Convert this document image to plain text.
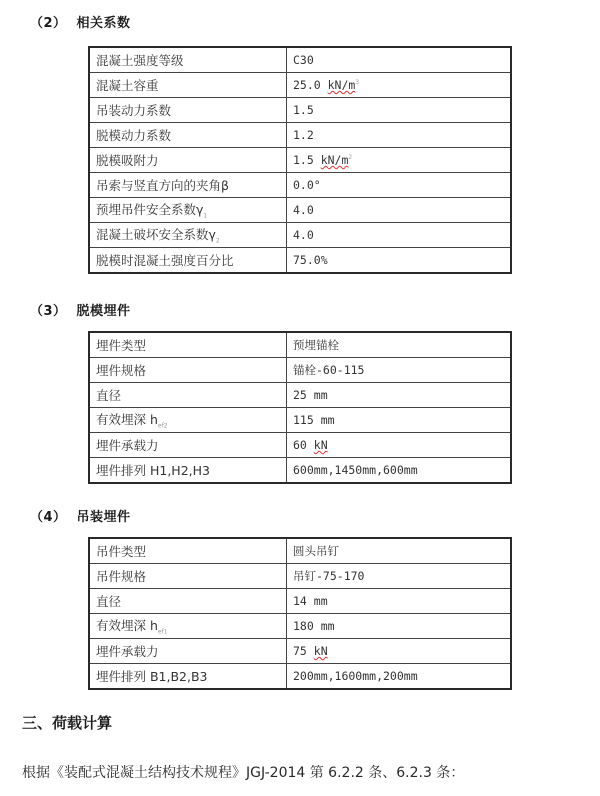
（2） 相关系数
混凝土强度等级	C30
混凝土容重	25.0 $kN/m^3$
吊装动力系数	1.5
脱模动力系数	1.2
脱模吸附力	1.5 $kN/m^2$
吊索与竖直方向的夹角β	0.0°
预埋吊件安全系数$\gamma_1$	4.0
混凝土破坏安全系数$\gamma_2$	4.0
脱模时混凝土强度百分比	75.0%
（3） 脱模埋件
埋件类型	预埋锚栓
埋件规格	锚栓-60-115
直径	25 mm
有效埋深 $h_{ef2}$	115 mm
埋件承载力	60 kN
埋件排列 H1,H2,H3	600mm,1450mm,600mm
（4） 吊装埋件
吊件类型	圆头吊钉
吊件规格	吊钉-75-170
直径	14 mm
有效埋深 $h_{ef1}$	180 mm
埋件承载力	75 kN
埋件排列 B1,B2,B3	200mm,1600mm,200mm
三、荷载计算
根据《装配式混凝土结构技术规程》JGJ-2014 第 6.2.2 条、6.2.3 条：
